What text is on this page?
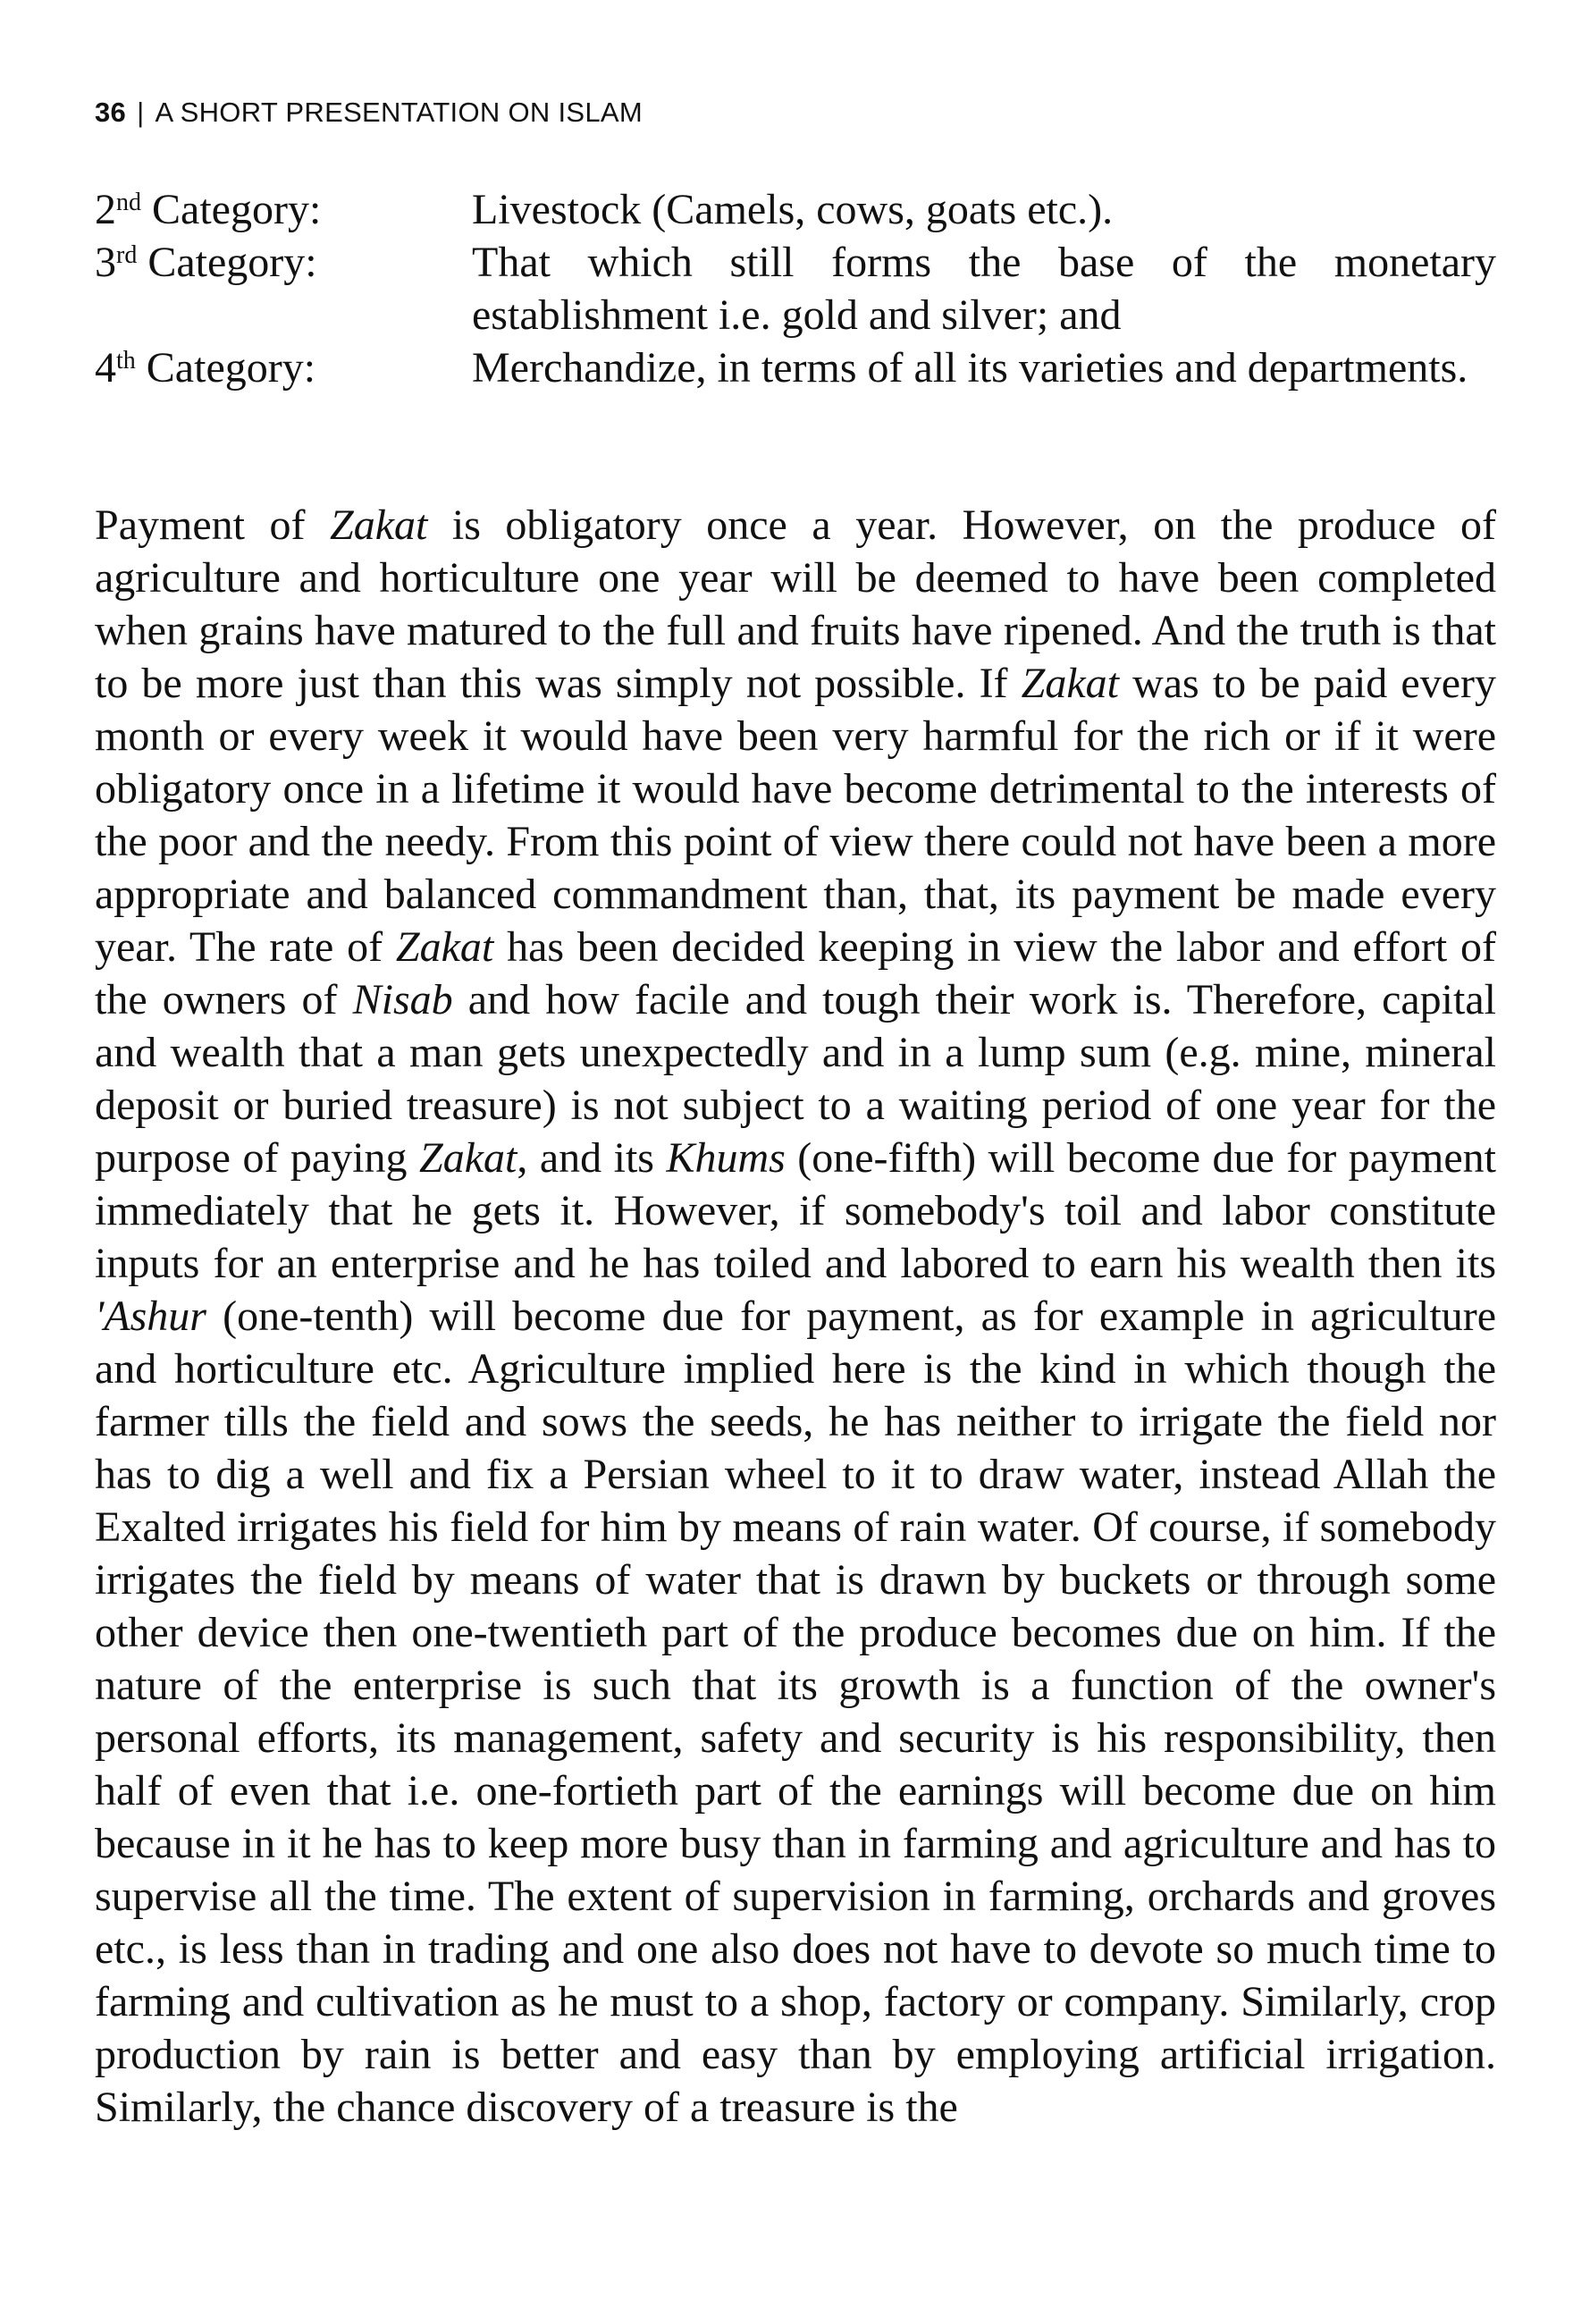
36 | A SHORT PRESENTATION ON ISLAM
2nd Category:	Livestock (Camels, cows, goats etc.).
3rd Category:	That which still forms the base of the monetary establishment i.e. gold and silver; and
4th Category:	Merchandize, in terms of all its varieties and departments.

Payment of Zakat is obligatory once a year. However, on the produce of agriculture and horticulture one year will be deemed to have been completed when grains have matured to the full and fruits have ripened. And the truth is that to be more just than this was simply not possible. If Zakat was to be paid every month or every week it would have been very harmful for the rich or if it were obligatory once in a lifetime it would have become detrimental to the interests of the poor and the needy. From this point of view there could not have been a more appropriate and balanced commandment than, that, its payment be made every year. The rate of Zakat has been decided keeping in view the labor and effort of the owners of Nisab and how facile and tough their work is. Therefore, capital and wealth that a man gets unexpectedly and in a lump sum (e.g. mine, mineral deposit or buried treasure) is not subject to a waiting period of one year for the purpose of paying Zakat, and its Khums (one-fifth) will become due for payment immediately that he gets it. However, if somebody's toil and labor constitute inputs for an enterprise and he has toiled and labored to earn his wealth then its 'Ashur (one-tenth) will become due for payment, as for example in agriculture and horticulture etc. Agriculture implied here is the kind in which though the farmer tills the field and sows the seeds, he has neither to irrigate the field nor has to dig a well and fix a Persian wheel to it to draw water, instead Allah the Exalted irrigates his field for him by means of rain water. Of course, if somebody irrigates the field by means of water that is drawn by buckets or through some other device then one-twentieth part of the produce becomes due on him. If the nature of the enterprise is such that its growth is a function of the owner's personal efforts, its management, safety and security is his responsibility, then half of even that i.e. one-fortieth part of the earnings will become due on him because in it he has to keep more busy than in farming and agriculture and has to supervise all the time. The extent of supervision in farming, orchards and groves etc., is less than in trading and one also does not have to devote so much time to farming and cultivation as he must to a shop, factory or company. Similarly, crop production by rain is better and easy than by employing artificial irrigation. Similarly, the chance discovery of a treasure is the
